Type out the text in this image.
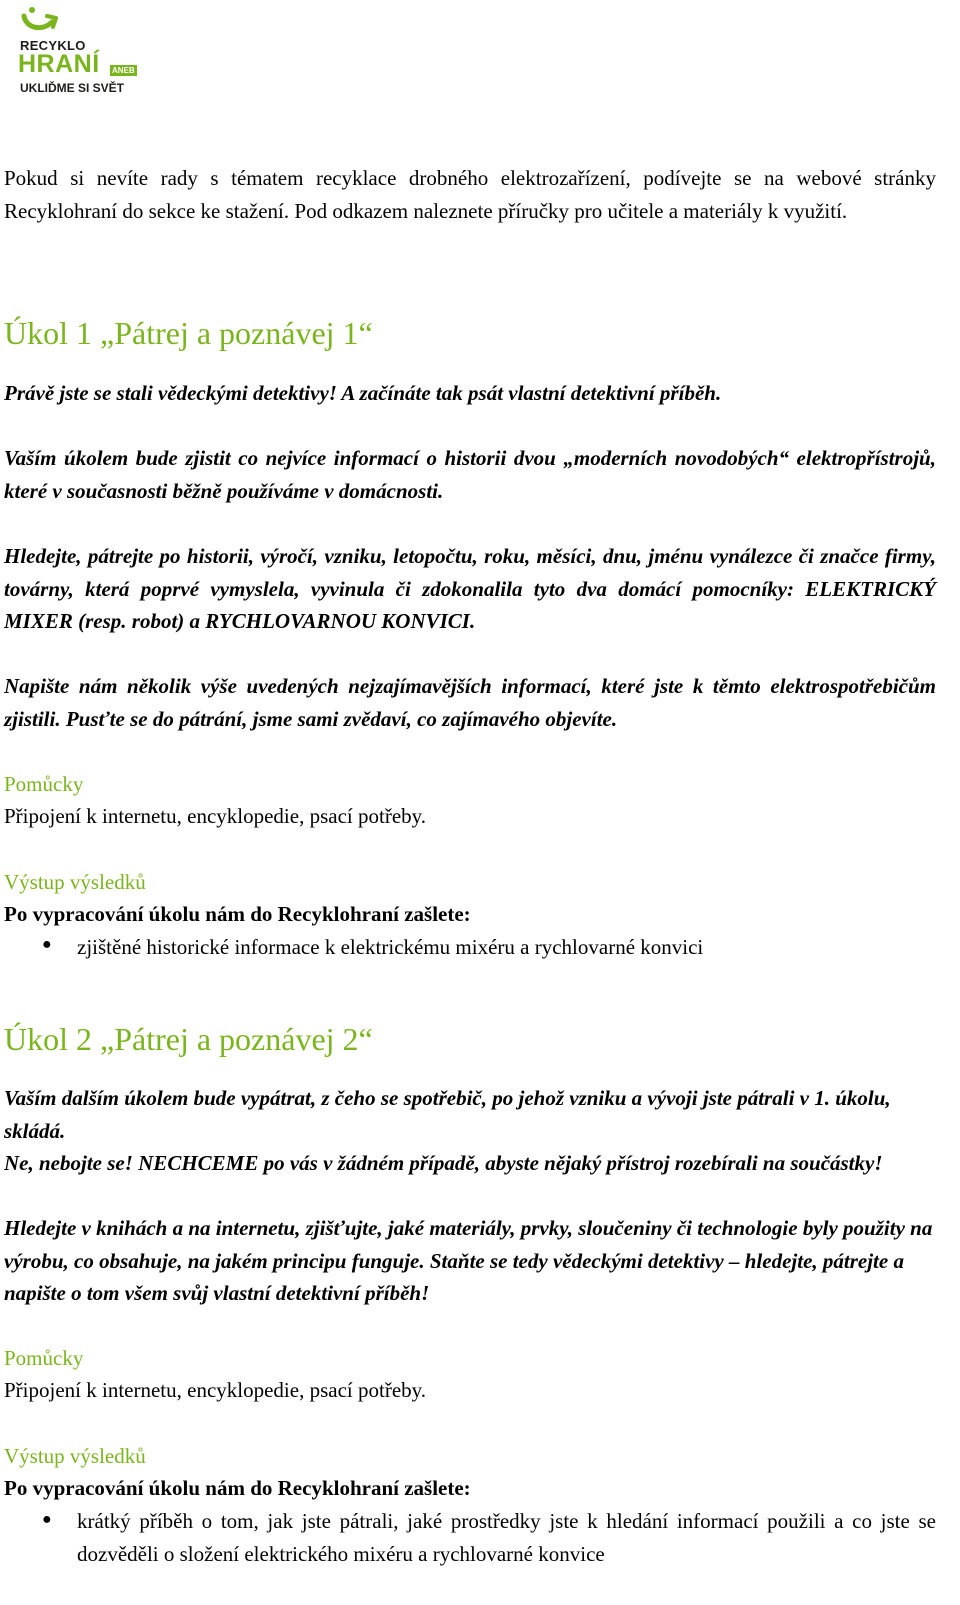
RECYKLO
HRANÍ ANEB
UKLIĎME SI SVĚT

Pokud si nevíte rady s tématem recyklace drobného elektrozařízení, podívejte se na webové stránky Recyklohraní do sekce ke stažení. Pod odkazem naleznete příručky pro učitele a materiály k využití.

Úkol 1 „Pátrej a poznávej 1“

Právě jste se stali vědeckými detektivy! A začínáte tak psát vlastní detektivní příběh.

Vaším úkolem bude zjistit co nejvíce informací o historii dvou „moderních novodobých“ elektropřístrojů, které v současnosti běžně používáme v domácnosti.

Hledejte, pátrejte po historii, výročí, vzniku, letopočtu, roku, měsíci, dnu, jménu vynálezce či značce firmy, továrny, která poprvé vymyslela, vyvinula či zdokonalila tyto dva domácí pomocníky: ELEKTRICKÝ MIXER (resp. robot) a RYCHLOVARNOU KONVICI.

Napište nám několik výše uvedených nejzajímavějších informací, které jste k těmto elektrospotřebičům zjistili. Pusťte se do pátrání, jsme sami zvědaví, co zajímavého objevíte.

Pomůcky

Připojení k internetu, encyklopedie, psací potřeby.

Výstup výsledků

Po vypracování úkolu nám do Recyklohraní zašlete:

● zjištěné historické informace k elektrickému mixéru a rychlovarné konvici

Úkol 2 „Pátrej a poznávej 2“

Vaším dalším úkolem bude vypátrat, z čeho se spotřebič, po jehož vzniku a vývoji jste pátrali v 1. úkolu, skládá.

Ne, nebojte se! NECHCEME po vás v žádném případě, abyste nějaký přístroj rozebírali na součástky!

Hledejte v knihách a na internetu, zjišťujte, jaké materiály, prvky, sloučeniny či technologie byly použity na výrobu, co obsahuje, na jakém principu funguje. Staňte se tedy vědeckými detektivy – hledejte, pátrejte a napište o tom všem svůj vlastní detektivní příběh!

Pomůcky

Připojení k internetu, encyklopedie, psací potřeby.

Výstup výsledků

Po vypracování úkolu nám do Recyklohraní zašlete:

● krátký příběh o tom, jak jste pátrali, jaké prostředky jste k hledání informací použili a co jste se dozvěděli o složení elektrického mixéru a rychlovarné konvice
